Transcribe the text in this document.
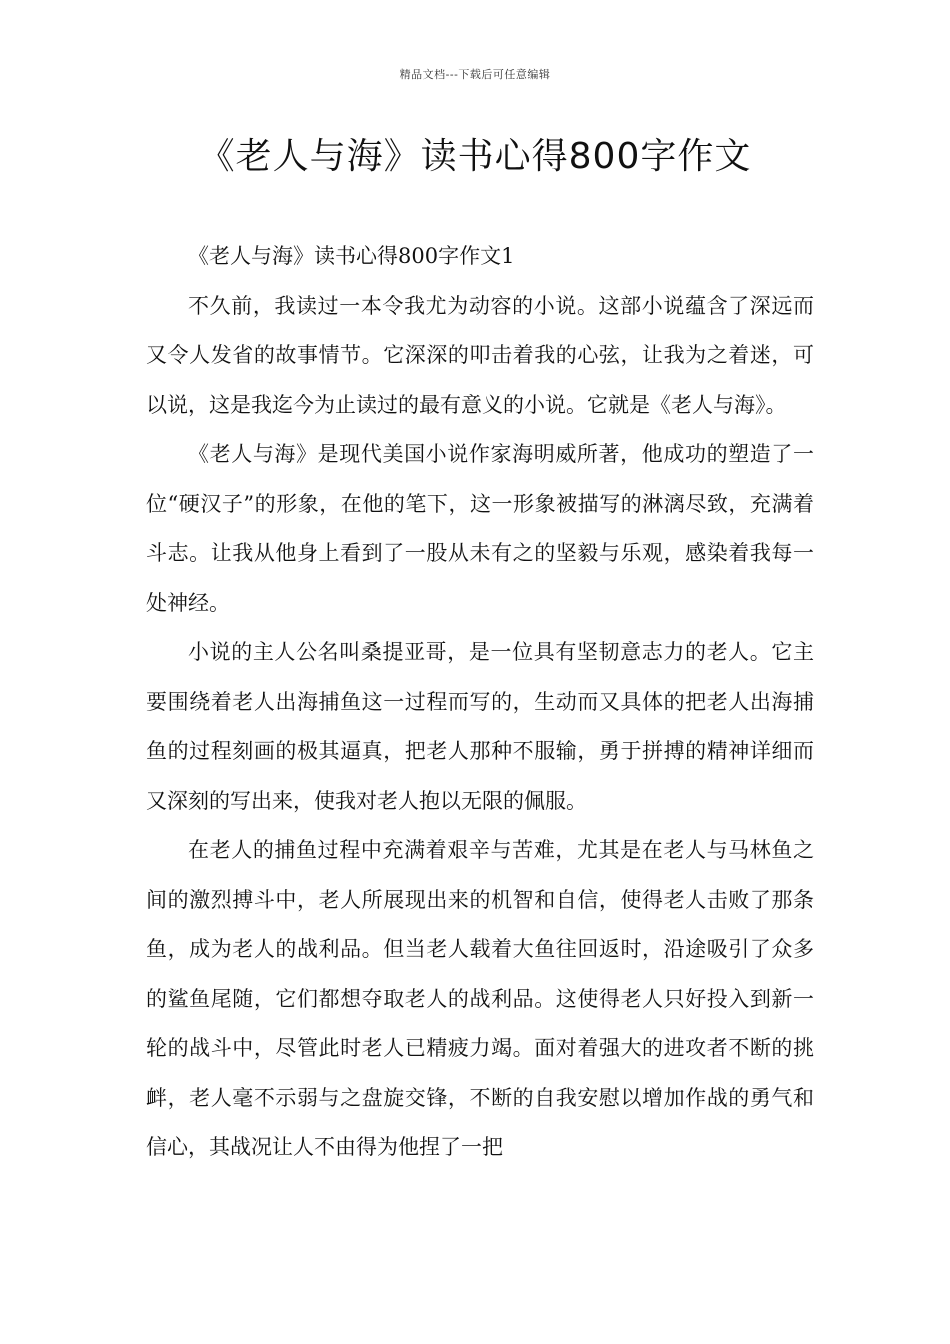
精品文档---下载后可任意编辑
《老人与海》读书心得800字作文

《老人与海》读书心得800字作文1

不久前，我读过一本令我尤为动容的小说。这部小说蕴含了深远而又令人发省的故事情节。它深深的叩击着我的心弦，让我为之着迷，可以说，这是我迄今为止读过的最有意义的小说。它就是《老人与海》。

《老人与海》是现代美国小说作家海明威所著，他成功的塑造了一位“硬汉子”的形象，在他的笔下，这一形象被描写的淋漓尽致，充满着斗志。让我从他身上看到了一股从未有之的坚毅与乐观，感染着我每一处神经。

小说的主人公名叫桑提亚哥，是一位具有坚韧意志力的老人。它主要围绕着老人出海捕鱼这一过程而写的，生动而又具体的把老人出海捕鱼的过程刻画的极其逼真，把老人那种不服输，勇于拼搏的精神详细而又深刻的写出来，使我对老人抱以无限的佩服。

在老人的捕鱼过程中充满着艰辛与苦难，尤其是在老人与马林鱼之间的激烈搏斗中，老人所展现出来的机智和自信，使得老人击败了那条鱼，成为老人的战利品。但当老人载着大鱼往回返时，沿途吸引了众多的鲨鱼尾随，它们都想夺取老人的战利品。这使得老人只好投入到新一轮的战斗中，尽管此时老人已精疲力竭。面对着强大的进攻者不断的挑衅，老人毫不示弱与之盘旋交锋，不断的自我安慰以增加作战的勇气和信心，其战况让人不由得为他捏了一把
